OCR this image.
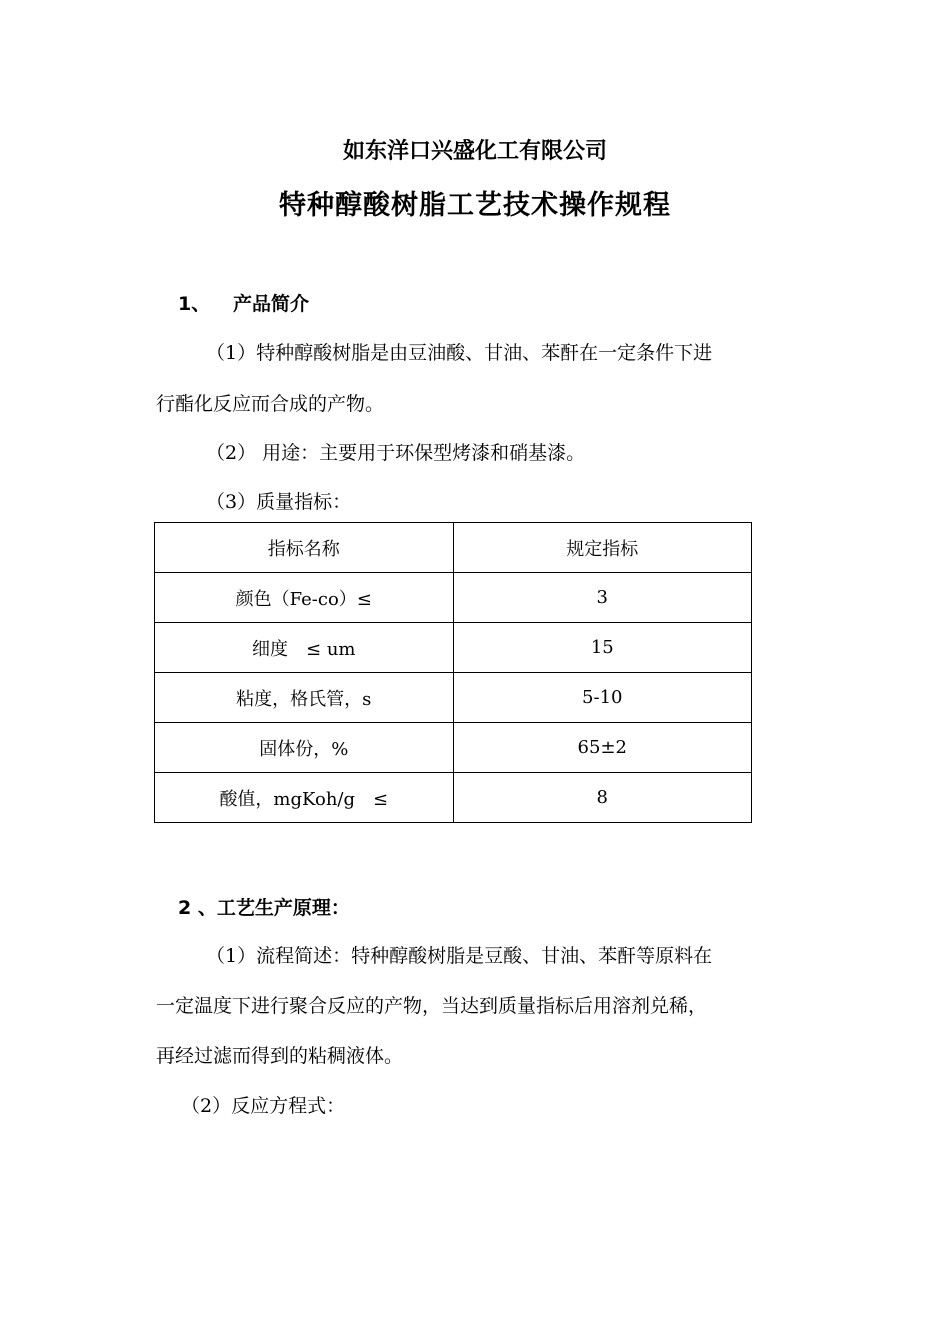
如东洋口兴盛化工有限公司
特种醇酸树脂工艺技术操作规程
1、 产品简介
（1）特种醇酸树脂是由豆油酸、甘油、苯酐在一定条件下进
行酯化反应而合成的产物。
（2） 用途：主要用于环保型烤漆和硝基漆。
（3）质量指标：
指标名称	规定指标
颜色（Fe-co）≤	3
细度　≤ um	15
粘度，格氏管，s	5-10
固体份，%	65±2
酸值，mgKoh/g　≤	8
2 、工艺生产原理：
（1）流程简述：特种醇酸树脂是豆酸、甘油、苯酐等原料在
一定温度下进行聚合反应的产物，当达到质量指标后用溶剂兑稀，
再经过滤而得到的粘稠液体。
（2）反应方程式：
